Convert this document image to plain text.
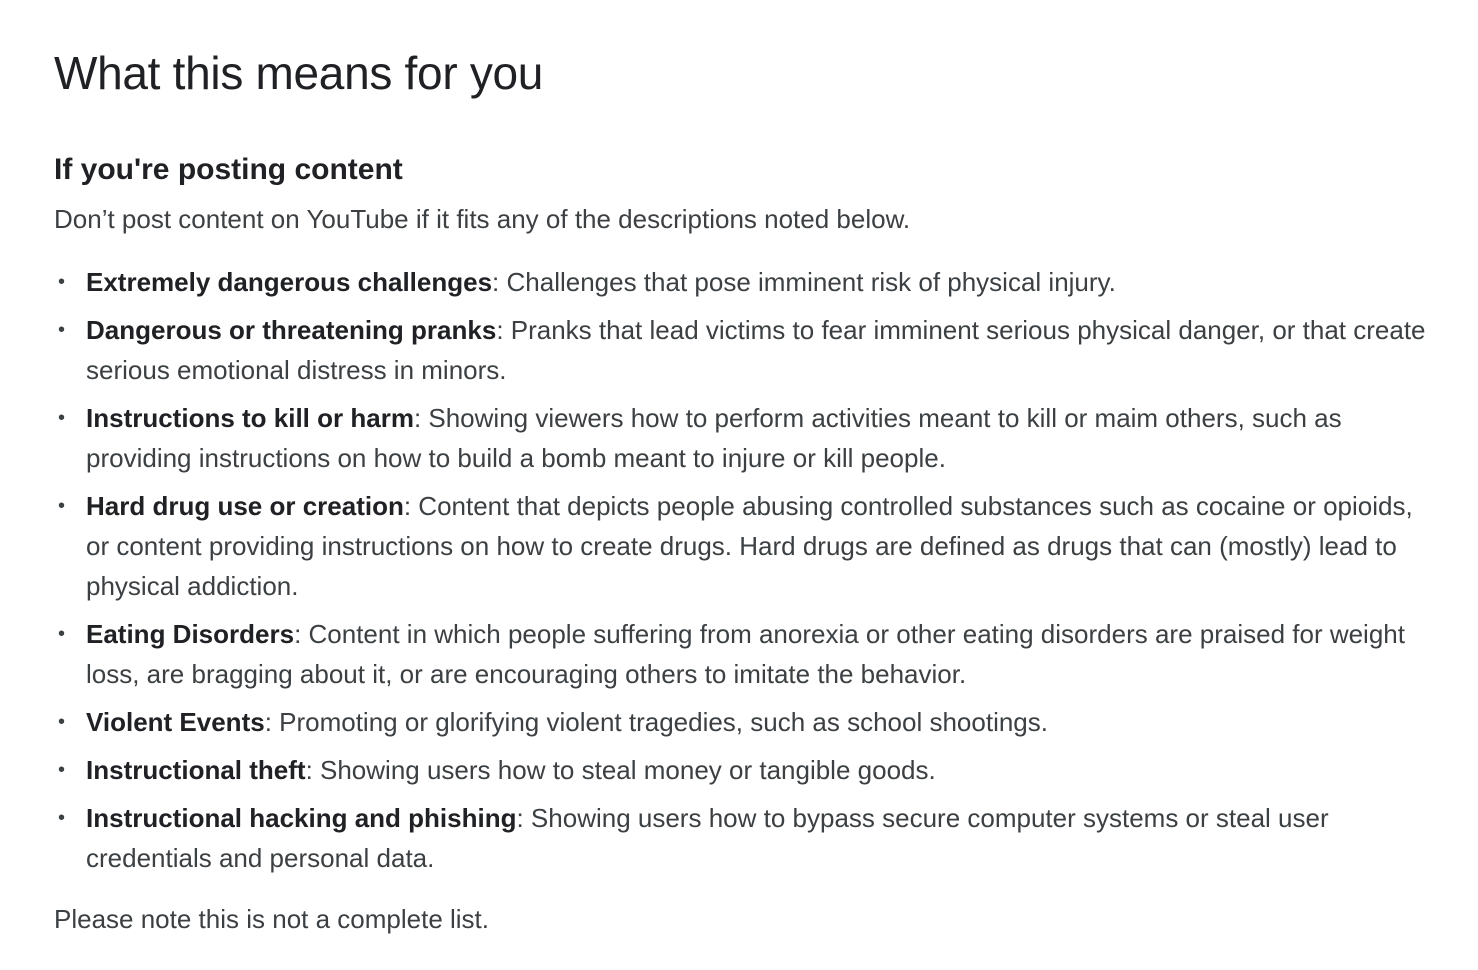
What this means for you
If you're posting content

Don’t post content on YouTube if it fits any of the descriptions noted below.

• Extremely dangerous challenges: Challenges that pose imminent risk of physical injury.
• Dangerous or threatening pranks: Pranks that lead victims to fear imminent serious physical danger, or that create serious emotional distress in minors.
• Instructions to kill or harm: Showing viewers how to perform activities meant to kill or maim others, such as providing instructions on how to build a bomb meant to injure or kill people.
• Hard drug use or creation: Content that depicts people abusing controlled substances such as cocaine or opioids, or content providing instructions on how to create drugs. Hard drugs are defined as drugs that can (mostly) lead to physical addiction.
• Eating Disorders: Content in which people suffering from anorexia or other eating disorders are praised for weight loss, are bragging about it, or are encouraging others to imitate the behavior.
• Violent Events: Promoting or glorifying violent tragedies, such as school shootings.
• Instructional theft: Showing users how to steal money or tangible goods.
• Instructional hacking and phishing: Showing users how to bypass secure computer systems or steal user credentials and personal data.

Please note this is not a complete list.
